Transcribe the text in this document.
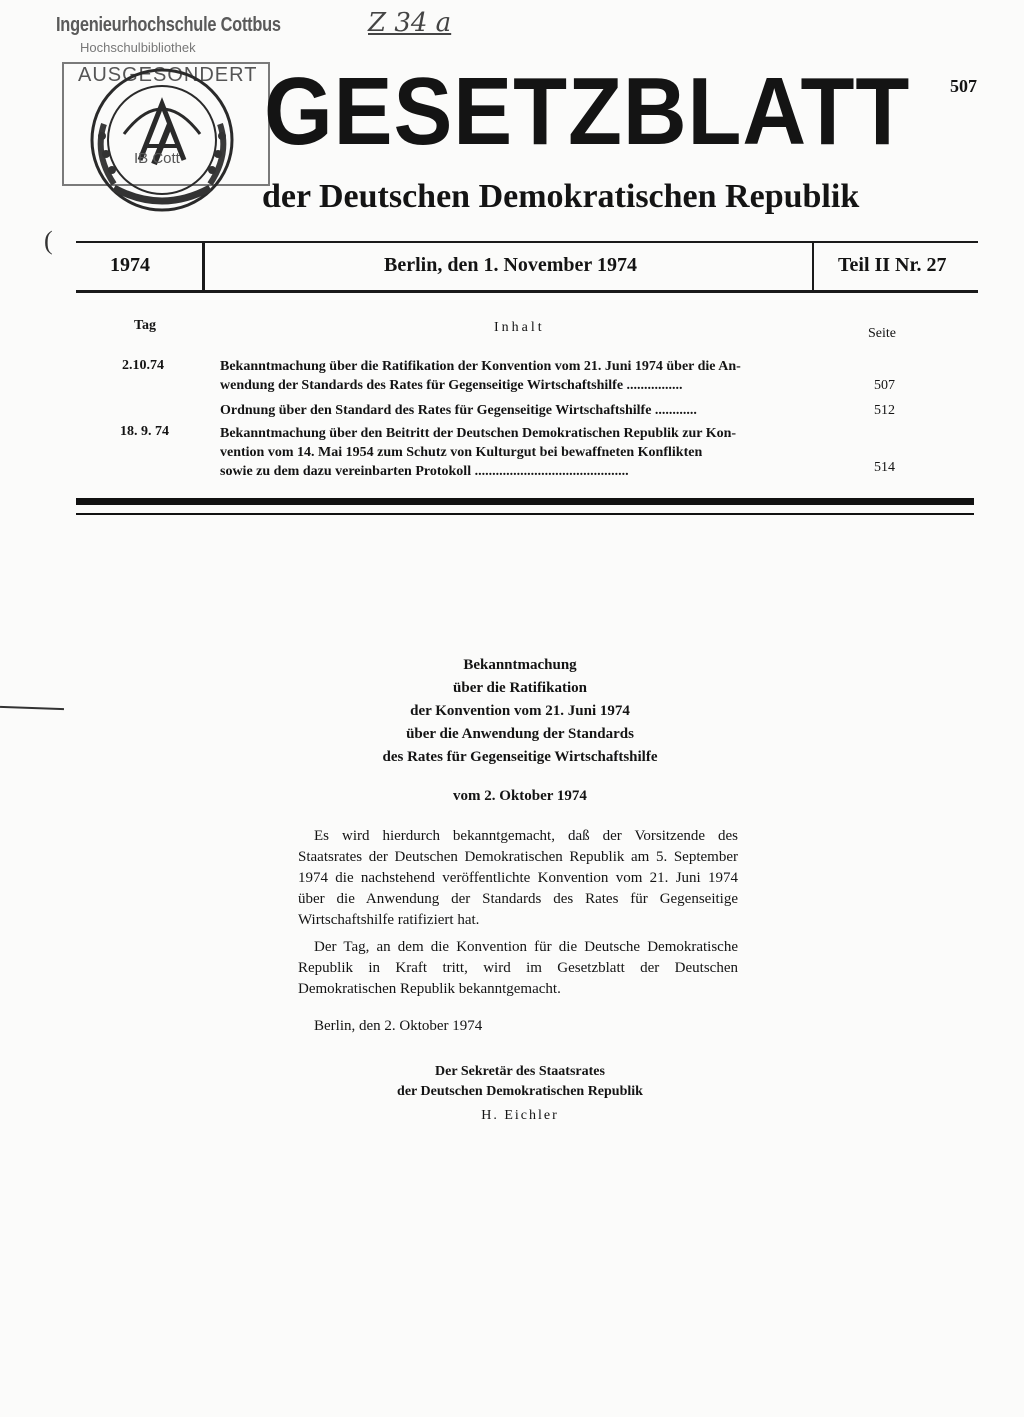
Ingenieurhochschule Cottbus
Hochschulbibliothek
Z 34 a
AUSGESONDERT
IB Cott GESETZBLATT
der Deutschen Demokratischen Republik
507
(
1974	Berlin, den 1. November 1974	Teil II Nr. 27
Tag	Inhalt	Seite
2.10.74	Bekanntmachung über die Ratifikation der Konvention vom 21. Juni 1974 über die An-
wendung der Standards des Rates für Gegenseitige Wirtschaftshilfe ................	507
Ordnung über den Standard des Rates für Gegenseitige Wirtschaftshilfe ............	512
18. 9. 74	Bekanntmachung über den Beitritt der Deutschen Demokratischen Republik zur Kon-
vention vom 14. Mai 1954 zum Schutz von Kulturgut bei bewaffneten Konflikten
sowie zu dem dazu vereinbarten Protokoll ............................................	514
Bekanntmachung
über die Ratifikation
der Konvention vom 21. Juni 1974
über die Anwendung der Standards
des Rates für Gegenseitige Wirtschaftshilfe
vom 2. Oktober 1974
Es wird hierdurch bekanntgemacht, daß der Vorsitzende des Staatsrates der Deutschen Demokratischen Republik am 5. September 1974 die nachstehend veröffentlichte Konvention vom 21. Juni 1974 über die Anwendung der Standards des Rates für Gegenseitige Wirtschaftshilfe ratifiziert hat.
Der Tag, an dem die Konvention für die Deutsche Demokratische Republik in Kraft tritt, wird im Gesetzblatt der Deutschen Demokratischen Republik bekanntgemacht.
Berlin, den 2. Oktober 1974
Der Sekretär des Staatsrates
der Deutschen Demokratischen Republik
H. Eichler
